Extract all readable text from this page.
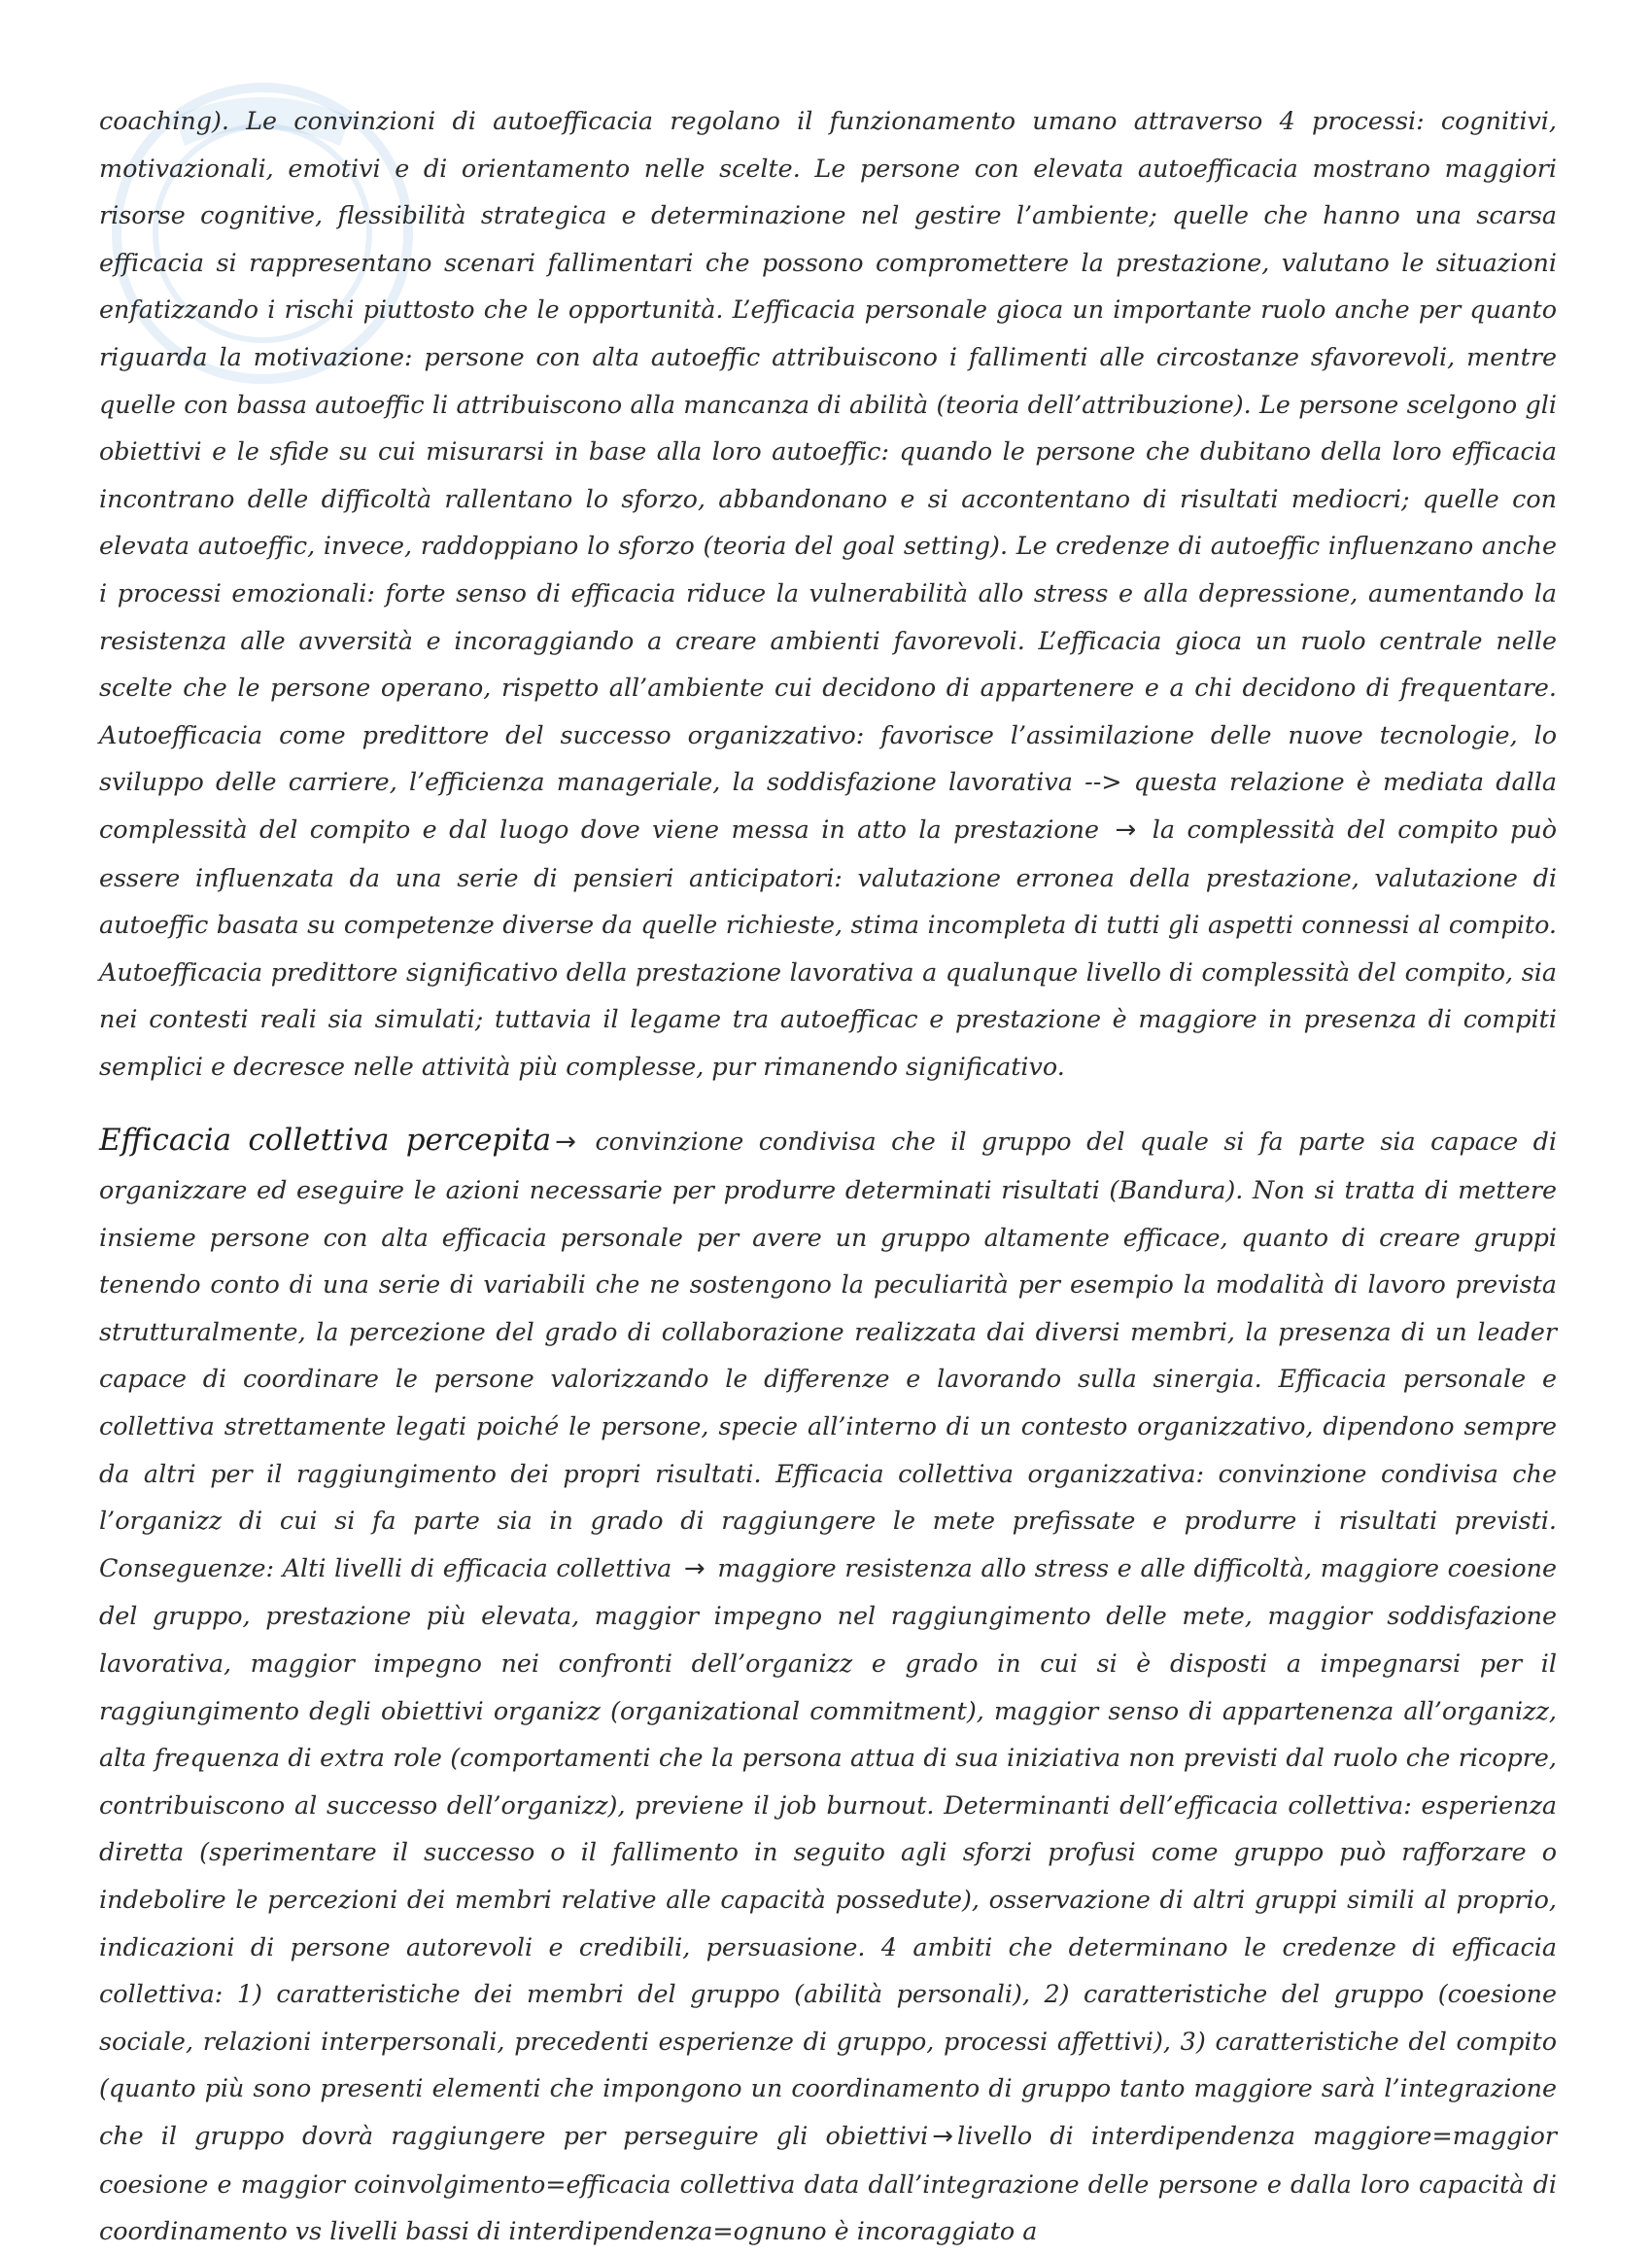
coaching). Le convinzioni di autoefficacia regolano il funzionamento umano attraverso 4 processi: cognitivi, motivazionali, emotivi e di orientamento nelle scelte. Le persone con elevata autoefficacia mostrano maggiori risorse cognitive, flessibilità strategica e determinazione nel gestire l’ambiente; quelle che hanno una scarsa efficacia si rappresentano scenari fallimentari che possono compromettere la prestazione, valutano le situazioni enfatizzando i rischi piuttosto che le opportunità. L’efficacia personale gioca un importante ruolo anche per quanto riguarda la motivazione: persone con alta autoeffic attribuiscono i fallimenti alle circostanze sfavorevoli, mentre quelle con bassa autoeffic li attribuiscono alla mancanza di abilità (teoria dell’attribuzione). Le persone scelgono gli obiettivi e le sfide su cui misurarsi in base alla loro autoeffic: quando le persone che dubitano della loro efficacia incontrano delle difficoltà rallentano lo sforzo, abbandonano e si accontentano di risultati mediocri; quelle con elevata autoeffic, invece, raddoppiano lo sforzo (teoria del goal setting). Le credenze di autoeffic influenzano anche i processi emozionali: forte senso di efficacia riduce la vulnerabilità allo stress e alla depressione, aumentando la resistenza alle avversità e incoraggiando a creare ambienti favorevoli. L’efficacia gioca un ruolo centrale nelle scelte che le persone operano, rispetto all’ambiente cui decidono di appartenere e a chi decidono di frequentare. Autoefficacia come predittore del successo organizzativo: favorisce l’assimilazione delle nuove tecnologie, lo sviluppo delle carriere, l’efficienza manageriale, la soddisfazione lavorativa --> questa relazione è mediata dalla complessità del compito e dal luogo dove viene messa in atto la prestazione → la complessità del compito può essere influenzata da una serie di pensieri anticipatori: valutazione erronea della prestazione, valutazione di autoeffic basata su competenze diverse da quelle richieste, stima incompleta di tutti gli aspetti connessi al compito. Autoefficacia predittore significativo della prestazione lavorativa a qualunque livello di complessità del compito, sia nei contesti reali sia simulati; tuttavia il legame tra autoefficac e prestazione è maggiore in presenza di compiti semplici e decresce nelle attività più complesse, pur rimanendo significativo.

Efficacia collettiva percepita → convinzione condivisa che il gruppo del quale si fa parte sia capace di organizzare ed eseguire le azioni necessarie per produrre determinati risultati (Bandura). Non si tratta di mettere insieme persone con alta efficacia personale per avere un gruppo altamente efficace, quanto di creare gruppi tenendo conto di una serie di variabili che ne sostengono la peculiarità per esempio la modalità di lavoro prevista strutturalmente, la percezione del grado di collaborazione realizzata dai diversi membri, la presenza di un leader capace di coordinare le persone valorizzando le differenze e lavorando sulla sinergia. Efficacia personale e collettiva strettamente legati poiché le persone, specie all’interno di un contesto organizzativo, dipendono sempre da altri per il raggiungimento dei propri risultati. Efficacia collettiva organizzativa: convinzione condivisa che l’organizz di cui si fa parte sia in grado di raggiungere le mete prefissate e produrre i risultati previsti. Conseguenze: Alti livelli di efficacia collettiva → maggiore resistenza allo stress e alle difficoltà, maggiore coesione del gruppo, prestazione più elevata, maggior impegno nel raggiungimento delle mete, maggior soddisfazione lavorativa, maggior impegno nei confronti dell’organizz e grado in cui si è disposti a impegnarsi per il raggiungimento degli obiettivi organizz (organizational commitment), maggior senso di appartenenza all’organizz, alta frequenza di extra role (comportamenti che la persona attua di sua iniziativa non previsti dal ruolo che ricopre, contribuiscono al successo dell’organizz), previene il job burnout. Determinanti dell’efficacia collettiva: esperienza diretta (sperimentare il successo o il fallimento in seguito agli sforzi profusi come gruppo può rafforzare o indebolire le percezioni dei membri relative alle capacità possedute), osservazione di altri gruppi simili al proprio, indicazioni di persone autorevoli e credibili, persuasione. 4 ambiti che determinano le credenze di efficacia collettiva: 1) caratteristiche dei membri del gruppo (abilità personali), 2) caratteristiche del gruppo (coesione sociale, relazioni interpersonali, precedenti esperienze di gruppo, processi affettivi), 3) caratteristiche del compito (quanto più sono presenti elementi che impongono un coordinamento di gruppo tanto maggiore sarà l’integrazione che il gruppo dovrà raggiungere per perseguire gli obiettivi → livello di interdipendenza maggiore=maggior coesione e maggior coinvolgimento=efficacia collettiva data dall’integrazione delle persone e dalla loro capacità di coordinamento vs livelli bassi di interdipendenza=ognuno è incoraggiato a
